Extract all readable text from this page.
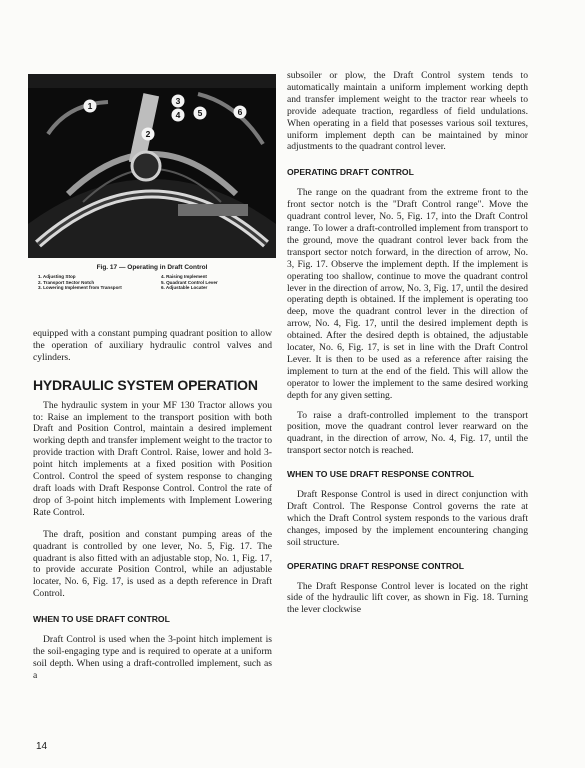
1
2
3
4 5	6
Fig. 17 — Operating in Draft Control
1. Adjusting Stop	4. Raising Implement
2. Transport Sector Notch	5. Quadrant Control Lever
3. Lowering Implement from Transport	6. Adjustable Locater

equipped with a constant pumping quadrant position to allow the operation of auxiliary hydraulic control valves and cylinders.

HYDRAULIC SYSTEM OPERATION

The hydraulic system in your MF 130 Tractor allows you to: Raise an implement to the transport position with both Draft and Position Control, maintain a desired implement working depth and transfer implement weight to the tractor to provide traction with Draft Control. Raise, lower and hold 3-point hitch implements at a fixed position with Position Control. Control the speed of system response to changing draft loads with Draft Response Control. Control the rate of drop of 3-point hitch implements with Implement Lowering Rate Control.

The draft, position and constant pumping areas of the quadrant is controlled by one lever, No. 5, Fig. 17. The quadrant is also fitted with an adjustable stop, No. 1, Fig. 17, to provide accurate Position Control, while an adjustable locater, No. 6, Fig. 17, is used as a depth reference in Draft Control.

WHEN TO USE DRAFT CONTROL

Draft Control is used when the 3-point hitch implement is the soil-engaging type and is required to operate at a uniform soil depth. When using a draft-controlled implement, such as a

subsoiler or plow, the Draft Control system tends to automatically maintain a uniform implement working depth and transfer implement weight to the tractor rear wheels to provide adequate traction, regardless of field undulations. When operating in a field that posesses various soil textures, uniform implement depth can be maintained by minor adjustments to the quadrant control lever.

OPERATING DRAFT CONTROL

The range on the quadrant from the extreme front to the front sector notch is the "Draft Control range". Move the quadrant control lever, No. 5, Fig. 17, into the Draft Control range. To lower a draft-controlled implement from transport to the ground, move the quadrant control lever back from the transport sector notch forward, in the direction of arrow, No. 3, Fig. 17. Observe the implement depth. If the implement is operating too shallow, continue to move the quadrant control lever in the direction of arrow, No. 3, Fig. 17, until the desired operating depth is obtained. If the implement is operating too deep, move the quadrant control lever in the direction of arrow, No. 4, Fig. 17, until the desired implement depth is obtained. After the desired depth is obtained, the adjustable locater, No. 6, Fig. 17, is set in line with the Draft Control Lever. It is then to be used as a reference after raising the implement to turn at the end of the field. This will allow the operator to lower the implement to the same desired working depth for any given setting.

To raise a draft-controlled implement to the transport position, move the quadrant control lever rearward on the quadrant, in the direction of arrow, No. 4, Fig. 17, until the transport sector notch is reached.

WHEN TO USE DRAFT RESPONSE CONTROL

Draft Response Control is used in direct conjunction with Draft Control. The Response Control governs the rate at which the Draft Control system responds to the various draft changes, imposed by the implement encountering changing soil structure.

OPERATING DRAFT RESPONSE CONTROL

The Draft Response Control lever is located on the right side of the hydraulic lift cover, as shown in Fig. 18. Turning the lever clockwise

14
